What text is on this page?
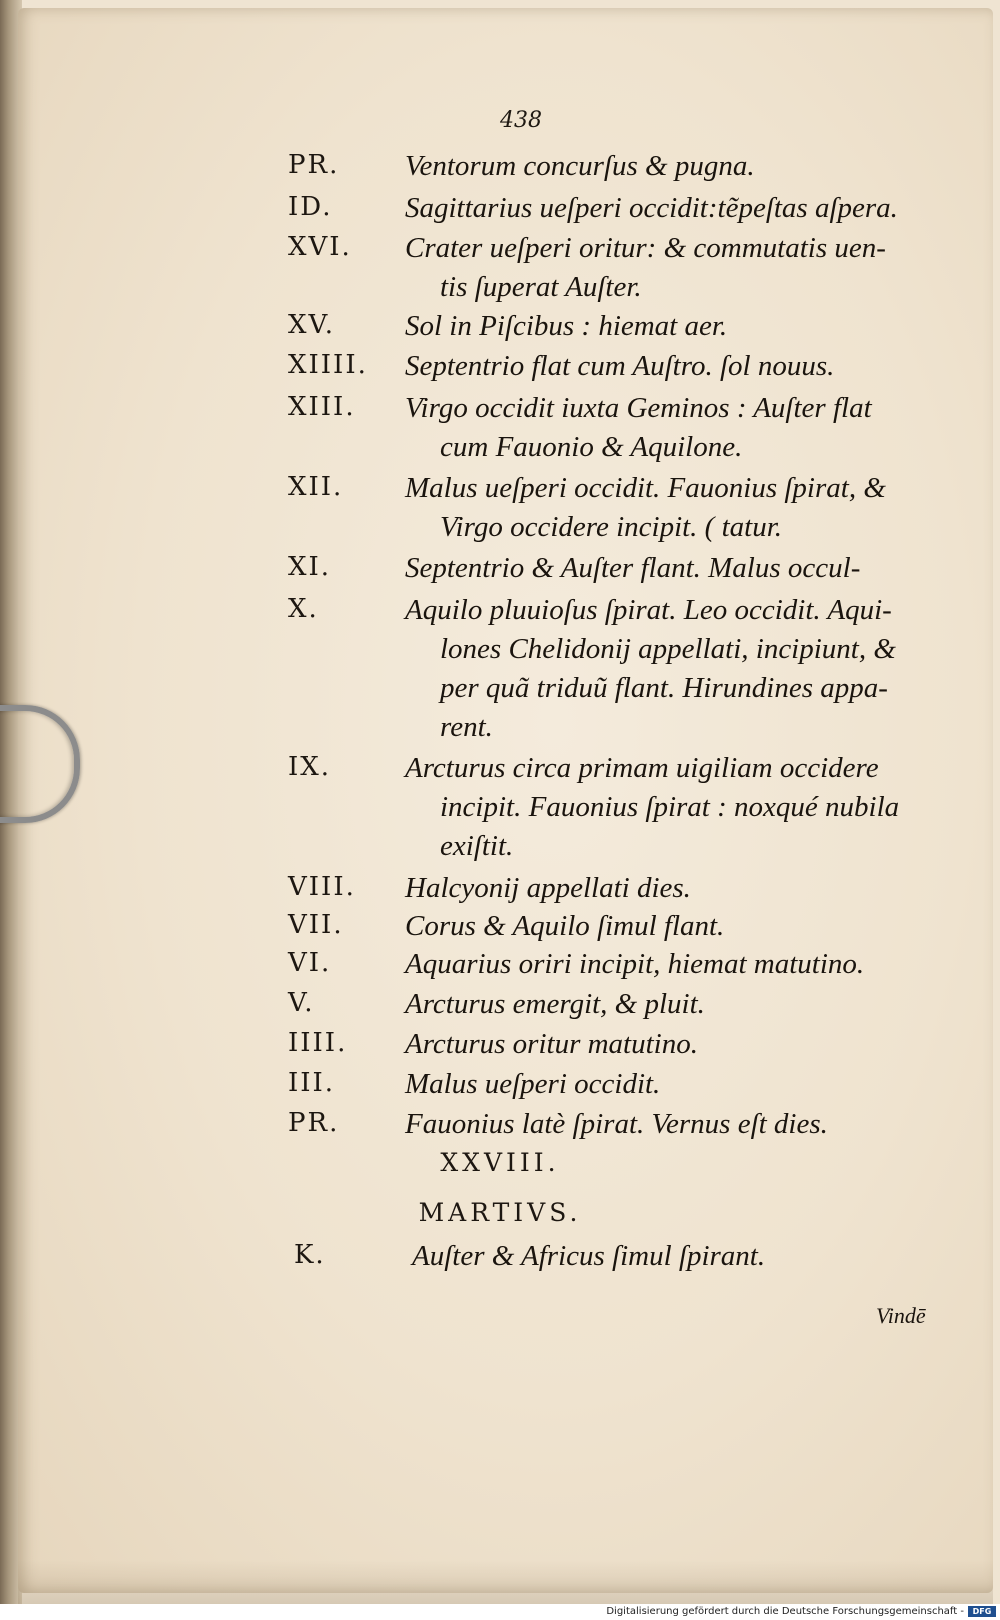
438
PR. Ventorum concurſus & pugna.
ID.	Sagittarius ueſperi occidit:tẽpeſtas aſpera.
XVI. Crater ueſperi oritur: & commutatis uen-
tis ſuperat Auſter.
XV. Sol in Piſcibus : hiemat aer.
XIIII. Septentrio flat cum Auſtro. ſol nouus.
XIII. Virgo occidit iuxta Geminos : Auſter flat
cum Fauonio & Aquilone.
XII. Malus ueſperi occidit. Fauonius ſpirat, &
Virgo occidere incipit. ( tatur.
XI.	Septentrio & Auſter flant. Malus occul-
X.	Aquilo pluuioſus ſpirat. Leo occidit. Aqui-
lones Chelidonij appellati, incipiunt, &
per quã triduũ flant. Hirundines appa-
rent.
IX.	Arcturus circa primam uigiliam occidere
incipit. Fauonius ſpirat : noxqué nubila
exiſtit.
VIII. Halcyonij appellati dies.
VII. Corus & Aquilo ſimul flant.
VI.	Aquarius oriri incipit, hiemat matutino.
V.	Arcturus emergit, & pluit.
IIII. Arcturus oritur matutino.
III. Malus ueſperi occidit.
PR. Fauonius latè ſpirat. Vernus eſt dies.
XXVIII.
MARTIVS.
K.	Auſter & Africus ſimul ſpirant.
Vindē
Digitalisierung gefördert durch die Deutsche Forschungsgemeinschaft -	DFG
